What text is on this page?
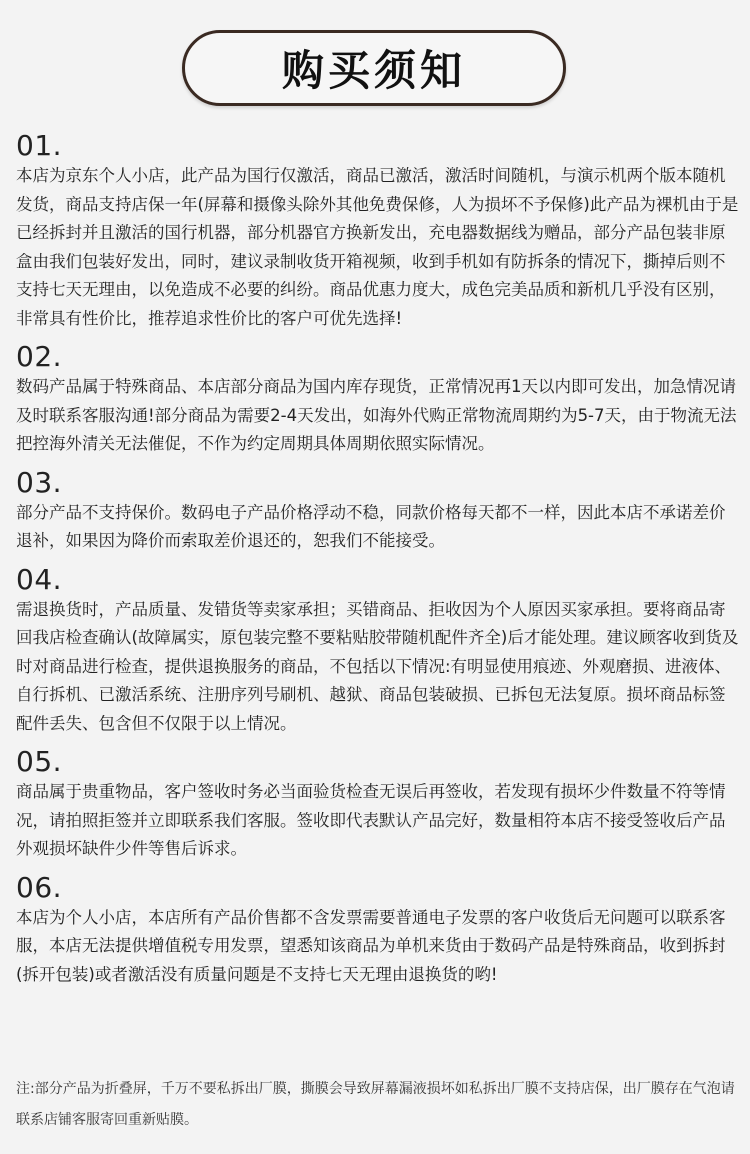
购买须知
01.

本店为京东个人小店，此产品为国行仅激活，商品已激活，激活时间随机，与演示机两个版本随机发货，商品支持店保一年(屏幕和摄像头除外其他免费保修，人为损坏不予保修)此产品为裸机由于是已经拆封并且激活的国行机器，部分机器官方换新发出，充电器数据线为赠品，部分产品包装非原盒由我们包装好发出，同时，建议录制收货开箱视频，收到手机如有防拆条的情况下，撕掉后则不支持七天无理由，以免造成不必要的纠纷。商品优惠力度大，成色完美品质和新机几乎没有区别，非常具有性价比，推荐追求性价比的客户可优先选择!

02.

数码产品属于特殊商品、本店部分商品为国内库存现货，正常情况再1天以内即可发出，加急情况请及时联系客服沟通!部分商品为需要2-4天发出，如海外代购正常物流周期约为5-7天，由于物流无法把控海外清关无法催促，不作为约定周期具体周期依照实际情况。

03.

部分产品不支持保价。数码电子产品价格浮动不稳，同款价格每天都不一样，因此本店不承诺差价退补，如果因为降价而索取差价退还的，恕我们不能接受。

04.

需退换货时，产品质量、发错货等卖家承担；买错商品、拒收因为个人原因买家承担。要将商品寄回我店检查确认(故障属实，原包装完整不要粘贴胶带随机配件齐全)后才能处理。建议顾客收到货及时对商品进行检查，提供退换服务的商品，不包括以下情况:有明显使用痕迹、外观磨损、进液体、自行拆机、已激活系统、注册序列号刷机、越狱、商品包装破损、已拆包无法复原。损坏商品标签配件丢失、包含但不仅限于以上情况。

05.

商品属于贵重物品，客户签收时务必当面验货检查无误后再签收，若发现有损坏少件数量不符等情况，请拍照拒签并立即联系我们客服。签收即代表默认产品完好，数量相符本店不接受签收后产品外观损坏缺件少件等售后诉求。

06.

本店为个人小店，本店所有产品价售都不含发票需要普通电子发票的客户收货后无问题可以联系客服，本店无法提供增值税专用发票，望悉知该商品为单机来货由于数码产品是特殊商品，收到拆封(拆开包装)或者激活没有质量问题是不支持七天无理由退换货的哟!

注:部分产品为折叠屏，千万不要私拆出厂膜，撕膜会导致屏幕漏液损坏如私拆出厂膜不支持店保，出厂膜存在气泡请联系店铺客服寄回重新贴膜。
